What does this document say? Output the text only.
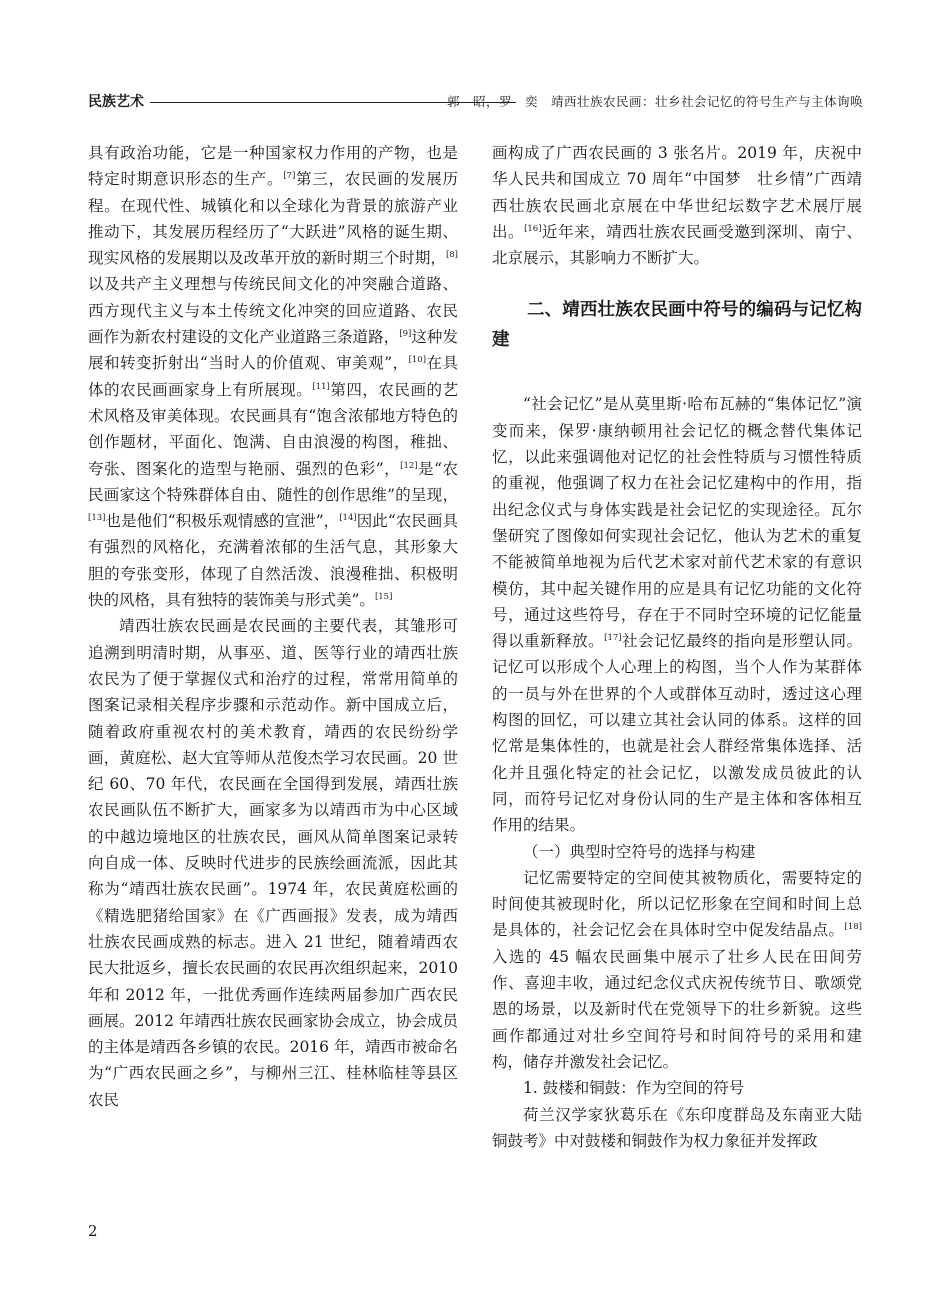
民族艺术	郭　昭，罗　奕　靖西壮族农民画：壮乡社会记忆的符号生产与主体询唤

具有政治功能，它是一种国家权力作用的产物，也是特定时期意识形态的生产。[7]第三，农民画的发展历程。在现代性、城镇化和以全球化为背景的旅游产业推动下，其发展历程经历了“大跃进”风格的诞生期、现实风格的发展期以及改革开放的新时期三个时期，[8]以及共产主义理想与传统民间文化的冲突融合道路、西方现代主义与本土传统文化冲突的回应道路、农民画作为新农村建设的文化产业道路三条道路，[9]这种发展和转变折射出“当时人的价值观、审美观”，[10]在具体的农民画画家身上有所展现。[11]第四，农民画的艺术风格及审美体现。农民画具有“饱含浓郁地方特色的创作题材，平面化、饱满、自由浪漫的构图，稚拙、夸张、图案化的造型与艳丽、强烈的色彩”，[12]是“农民画家这个特殊群体自由、随性的创作思维”的呈现，[13]也是他们“积极乐观情感的宣泄”，[14]因此“农民画具有强烈的风格化，充满着浓郁的生活气息，其形象大胆的夸张变形，体现了自然活泼、浪漫稚拙、积极明快的风格，具有独特的装饰美与形式美”。[15]

靖西壮族农民画是农民画的主要代表，其雏形可追溯到明清时期，从事巫、道、医等行业的靖西壮族农民为了便于掌握仪式和治疗的过程，常常用简单的图案记录相关程序步骤和示范动作。新中国成立后，随着政府重视农村的美术教育，靖西的农民纷纷学画，黄庭松、赵大宜等师从范俊杰学习农民画。20 世纪 60、70 年代，农民画在全国得到发展，靖西壮族农民画队伍不断扩大，画家多为以靖西市为中心区域的中越边境地区的壮族农民，画风从简单图案记录转向自成一体、反映时代进步的民族绘画流派，因此其称为“靖西壮族农民画”。1974 年，农民黄庭松画的《精选肥猪给国家》在《广西画报》发表，成为靖西壮族农民画成熟的标志。进入 21 世纪，随着靖西农民大批返乡，擅长农民画的农民再次组织起来，2010 年和 2012 年，一批优秀画作连续两届参加广西农民画展。2012 年靖西壮族农民画家协会成立，协会成员的主体是靖西各乡镇的农民。2016 年，靖西市被命名为“广西农民画之乡”，与柳州三江、桂林临桂等县区农民

画构成了广西农民画的 3 张名片。2019 年，庆祝中华人民共和国成立 70 周年“中国梦　壮乡情”广西靖西壮族农民画北京展在中华世纪坛数字艺术展厅展出。[16]近年来，靖西壮族农民画受邀到深圳、南宁、北京展示，其影响力不断扩大。

二、靖西壮族农民画中符号的编码与记忆构建

“社会记忆”是从莫里斯·哈布瓦赫的“集体记忆”演变而来，保罗·康纳顿用社会记忆的概念替代集体记忆，以此来强调他对记忆的社会性特质与习惯性特质的重视，他强调了权力在社会记忆建构中的作用，指出纪念仪式与身体实践是社会记忆的实现途径。瓦尔堡研究了图像如何实现社会记忆，他认为艺术的重复不能被简单地视为后代艺术家对前代艺术家的有意识模仿，其中起关键作用的应是具有记忆功能的文化符号，通过这些符号，存在于不同时空环境的记忆能量得以重新释放。[17]社会记忆最终的指向是形塑认同。记忆可以形成个人心理上的构图，当个人作为某群体的一员与外在世界的个人或群体互动时，透过这心理构图的回忆，可以建立其社会认同的体系。这样的回忆常是集体性的，也就是社会人群经常集体选择、活化并且强化特定的社会记忆，以激发成员彼此的认同，而符号记忆对身份认同的生产是主体和客体相互作用的结果。

（一）典型时空符号的选择与构建

记忆需要特定的空间使其被物质化，需要特定的时间使其被现时化，所以记忆形象在空间和时间上总是具体的，社会记忆会在具体时空中促发结晶点。[18]入选的 45 幅农民画集中展示了壮乡人民在田间劳作、喜迎丰收，通过纪念仪式庆祝传统节日、歌颂党恩的场景，以及新时代在党领导下的壮乡新貌。这些画作都通过对壮乡空间符号和时间符号的采用和建构，储存并激发社会记忆。

1. 鼓楼和铜鼓：作为空间的符号

荷兰汉学家狄葛乐在《东印度群岛及东南亚大陆铜鼓考》中对鼓楼和铜鼓作为权力象征并发挥政

2
